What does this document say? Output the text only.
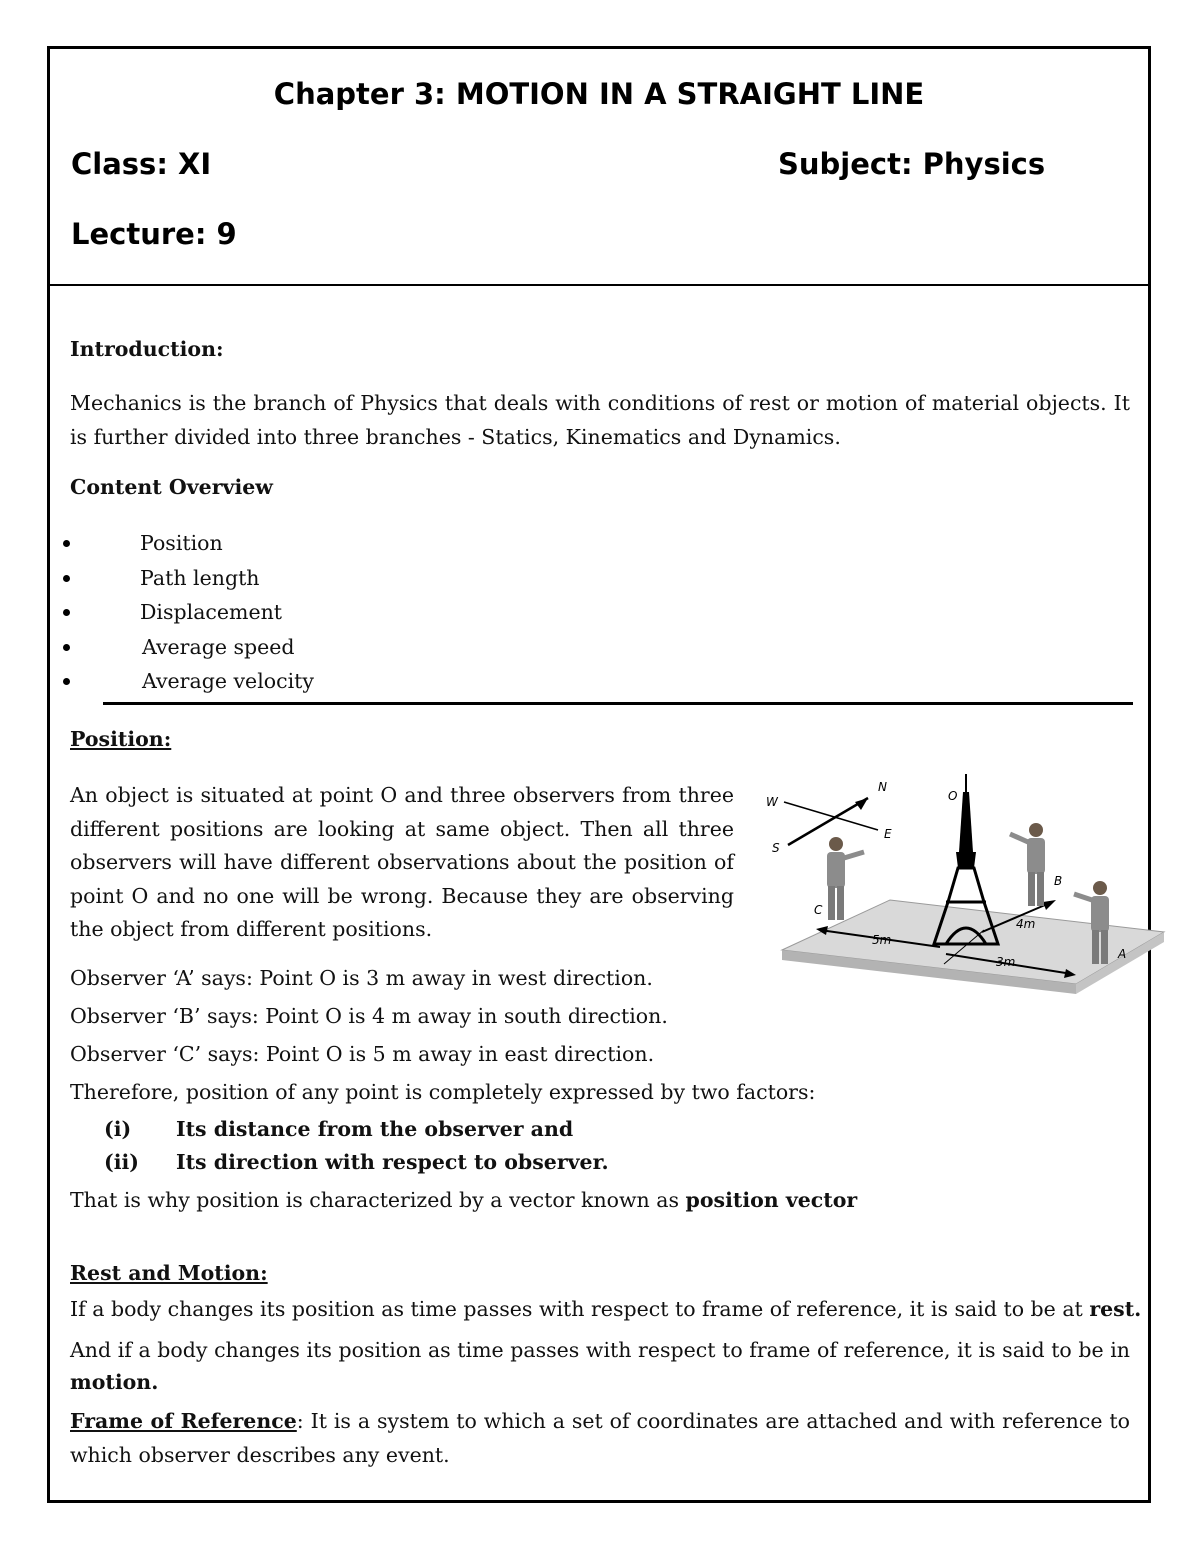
Chapter 3: MOTION IN A STRAIGHT LINE
Class: XI	Subject: Physics
Lecture: 9
Introduction:
Mechanics is the branch of Physics that deals with conditions of rest or motion of material objects. It is further divided into three branches - Statics, Kinematics and Dynamics.
Content Overview
Position
Path length
Displacement
Average speed
Average velocity
Position:
An object is situated at point O and three observers from three
different positions are looking at same object. Then all three
observers will have different observations about the position of
point O and no one will be wrong. Because they are observing
the object from different positions.
N
W
E
S
O
5m
3m
4m
C
B
A
Observer ‘A’ says: Point O is 3 m away in west direction.
Observer ‘B’ says: Point O is 4 m away in south direction.
Observer ‘C’ says: Point O is 5 m away in east direction.
Therefore, position of any point is completely expressed by two factors:
(i) Its distance from the observer and
(ii) Its direction with respect to observer.
That is why position is characterized by a vector known as position vector
Rest and Motion:
If a body changes its position as time passes with respect to frame of reference, it is said to be at rest.
And if a body changes its position as time passes with respect to frame of reference, it is said to be in
motion.
Frame of Reference: It is a system to which a set of coordinates are attached and with reference to
which observer describes any event.
